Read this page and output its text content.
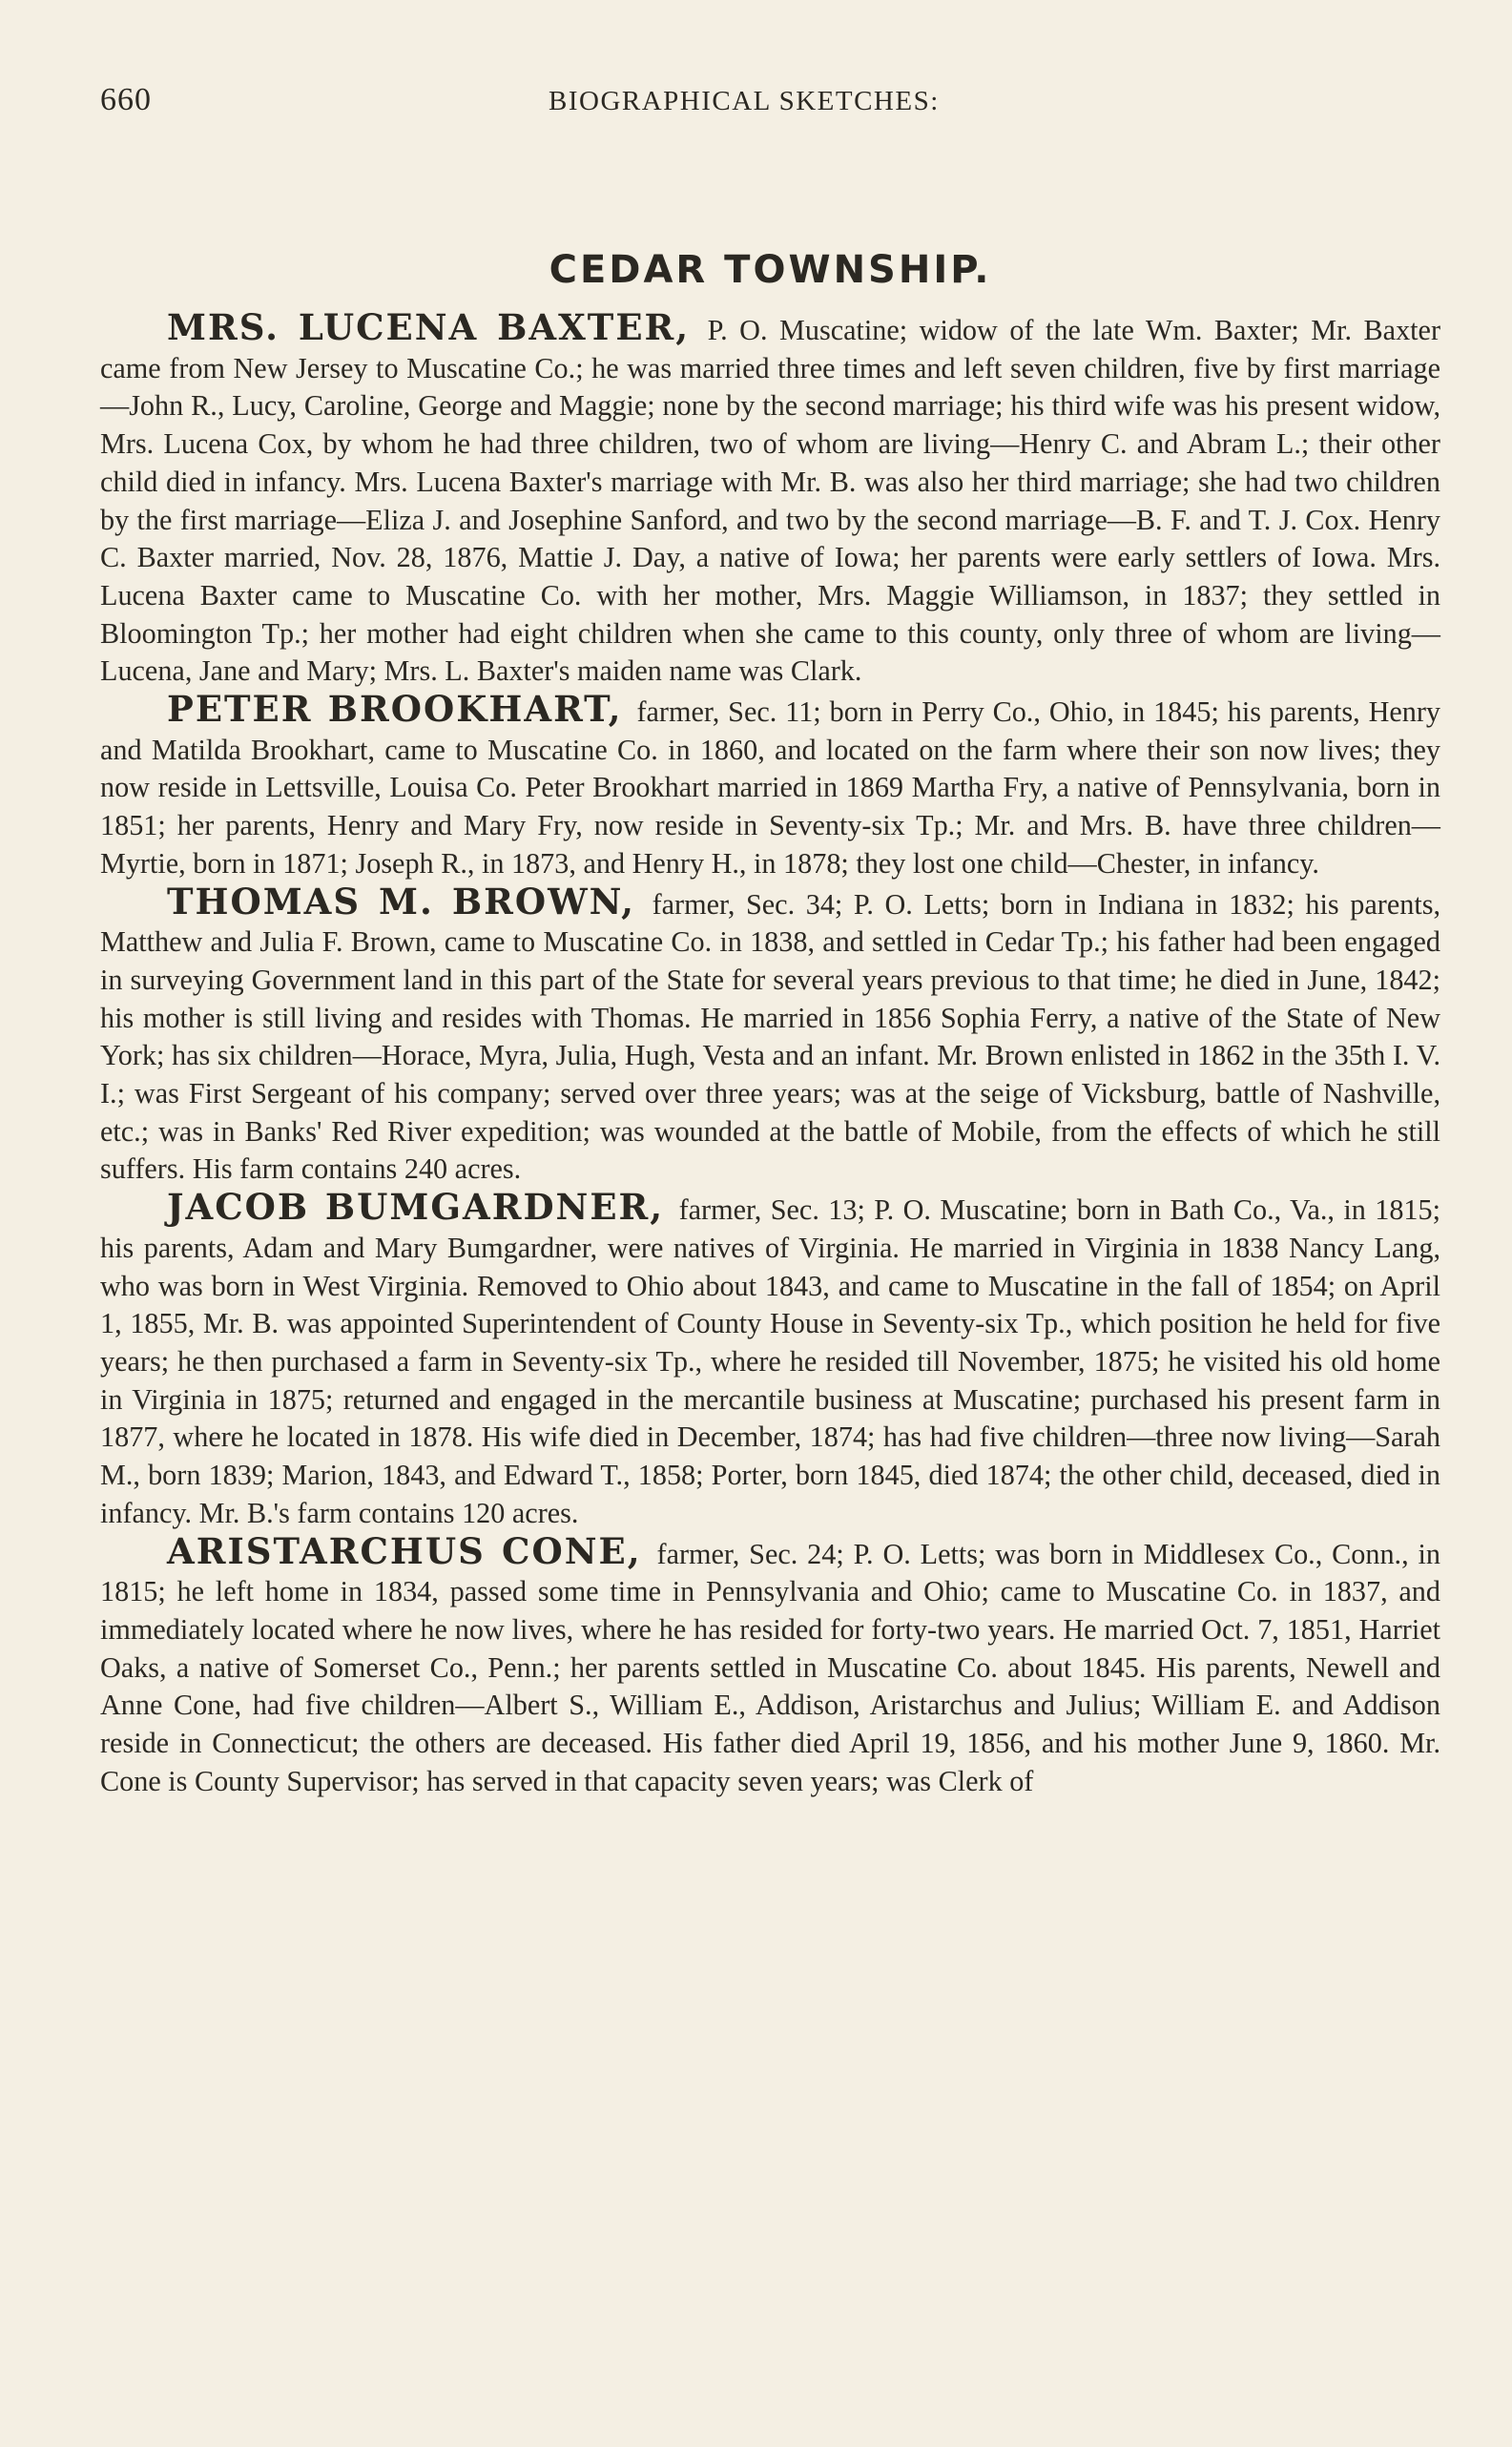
660	BIOGRAPHICAL SKETCHES:
CEDAR TOWNSHIP.

MRS. LUCENA BAXTER, P. O. Muscatine; widow of the late Wm. Baxter; Mr. Baxter came from New Jersey to Muscatine Co.; he was married three times and left seven children, five by first marriage—John R., Lucy, Caroline, George and Maggie; none by the second marriage; his third wife was his present widow, Mrs. Lucena Cox, by whom he had three children, two of whom are living—Henry C. and Abram L.; their other child died in infancy. Mrs. Lucena Baxter's marriage with Mr. B. was also her third marriage; she had two children by the first marriage—Eliza J. and Josephine Sanford, and two by the second marriage—B. F. and T. J. Cox. Henry C. Baxter married, Nov. 28, 1876, Mattie J. Day, a native of Iowa; her parents were early settlers of Iowa. Mrs. Lucena Baxter came to Muscatine Co. with her mother, Mrs. Maggie Williamson, in 1837; they settled in Bloomington Tp.; her mother had eight children when she came to this county, only three of whom are living—Lucena, Jane and Mary; Mrs. L. Baxter's maiden name was Clark.

PETER BROOKHART, farmer, Sec. 11; born in Perry Co., Ohio, in 1845; his parents, Henry and Matilda Brookhart, came to Muscatine Co. in 1860, and located on the farm where their son now lives; they now reside in Lettsville, Louisa Co. Peter Brookhart married in 1869 Martha Fry, a native of Pennsylvania, born in 1851; her parents, Henry and Mary Fry, now reside in Seventy-six Tp.; Mr. and Mrs. B. have three children—Myrtie, born in 1871; Joseph R., in 1873, and Henry H., in 1878; they lost one child—Chester, in infancy.

THOMAS M. BROWN, farmer, Sec. 34; P. O. Letts; born in Indiana in 1832; his parents, Matthew and Julia F. Brown, came to Muscatine Co. in 1838, and settled in Cedar Tp.; his father had been engaged in surveying Government land in this part of the State for several years previous to that time; he died in June, 1842; his mother is still living and resides with Thomas. He married in 1856 Sophia Ferry, a native of the State of New York; has six children—Horace, Myra, Julia, Hugh, Vesta and an infant. Mr. Brown enlisted in 1862 in the 35th I. V. I.; was First Sergeant of his company; served over three years; was at the seige of Vicksburg, battle of Nashville, etc.; was in Banks' Red River expedition; was wounded at the battle of Mobile, from the effects of which he still suffers. His farm contains 240 acres.

JACOB BUMGARDNER, farmer, Sec. 13; P. O. Muscatine; born in Bath Co., Va., in 1815; his parents, Adam and Mary Bumgardner, were natives of Virginia. He married in Virginia in 1838 Nancy Lang, who was born in West Virginia. Removed to Ohio about 1843, and came to Muscatine in the fall of 1854; on April 1, 1855, Mr. B. was appointed Superintendent of County House in Seventy-six Tp., which position he held for five years; he then purchased a farm in Seventy-six Tp., where he resided till November, 1875; he visited his old home in Virginia in 1875; returned and engaged in the mercantile business at Muscatine; purchased his present farm in 1877, where he located in 1878. His wife died in December, 1874; has had five children—three now living—Sarah M., born 1839; Marion, 1843, and Edward T., 1858; Porter, born 1845, died 1874; the other child, deceased, died in infancy. Mr. B.'s farm contains 120 acres.

ARISTARCHUS CONE, farmer, Sec. 24; P. O. Letts; was born in Middlesex Co., Conn., in 1815; he left home in 1834, passed some time in Pennsylvania and Ohio; came to Muscatine Co. in 1837, and immediately located where he now lives, where he has resided for forty-two years. He married Oct. 7, 1851, Harriet Oaks, a native of Somerset Co., Penn.; her parents settled in Muscatine Co. about 1845. His parents, Newell and Anne Cone, had five children—Albert S., William E., Addison, Aristarchus and Julius; William E. and Addison reside in Connecticut; the others are deceased. His father died April 19, 1856, and his mother June 9, 1860. Mr. Cone is County Supervisor; has served in that capacity seven years; was Clerk of
